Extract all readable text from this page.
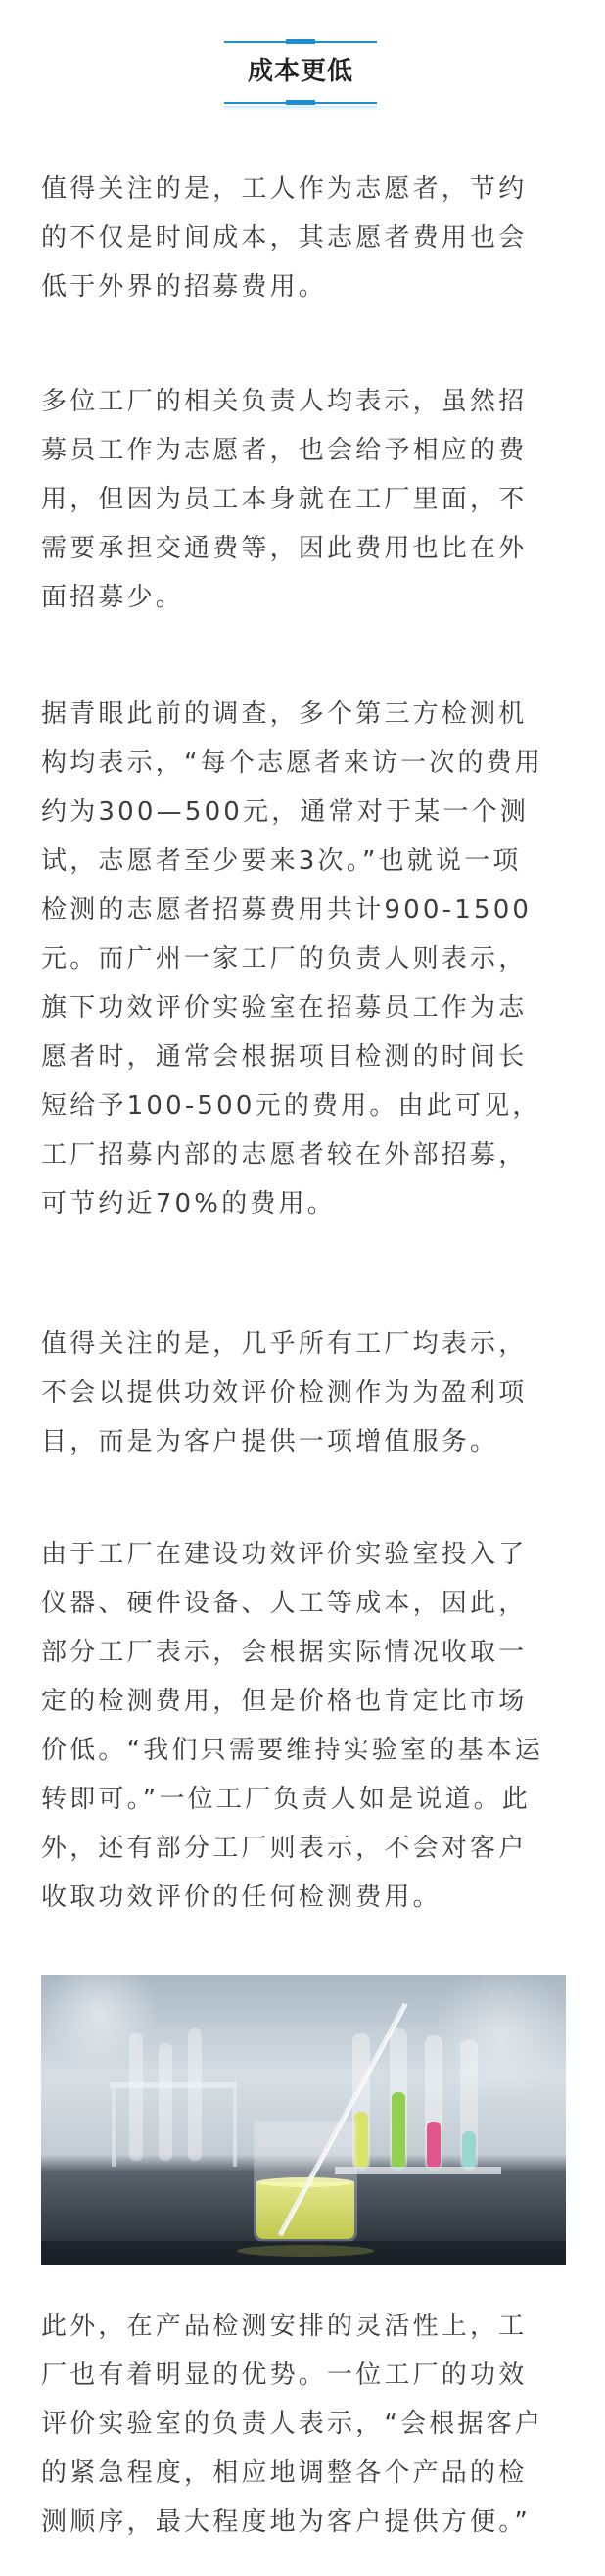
成本更低
值得关注的是，工人作为志愿者，节约
的不仅是时间成本，其志愿者费用也会
低于外界的招募费用。
多位工厂的相关负责人均表示，虽然招
募员工作为志愿者，也会给予相应的费
用，但因为员工本身就在工厂里面，不
需要承担交通费等，因此费用也比在外
面招募少。
据青眼此前的调查，多个第三方检测机
构均表示，“每个志愿者来访一次的费用
约为300—500元，通常对于某一个测
试，志愿者至少要来3次。”也就说一项
检测的志愿者招募费用共计900-1500
元。而广州一家工厂的负责人则表示，
旗下功效评价实验室在招募员工作为志
愿者时，通常会根据项目检测的时间长
短给予100-500元的费用。由此可见，
工厂招募内部的志愿者较在外部招募，
可节约近70%的费用。
值得关注的是，几乎所有工厂均表示，
不会以提供功效评价检测作为为盈利项
目，而是为客户提供一项增值服务。
由于工厂在建设功效评价实验室投入了
仪器、硬件设备、人工等成本，因此，
部分工厂表示，会根据实际情况收取一
定的检测费用，但是价格也肯定比市场
价低。“我们只需要维持实验室的基本运
转即可。”一位工厂负责人如是说道。此
外，还有部分工厂则表示，不会对客户
收取功效评价的任何检测费用。
此外，在产品检测安排的灵活性上，工
厂也有着明显的优势。一位工厂的功效
评价实验室的负责人表示，“会根据客户
的紧急程度，相应地调整各个产品的检
测顺序，最大程度地为客户提供方便。”
